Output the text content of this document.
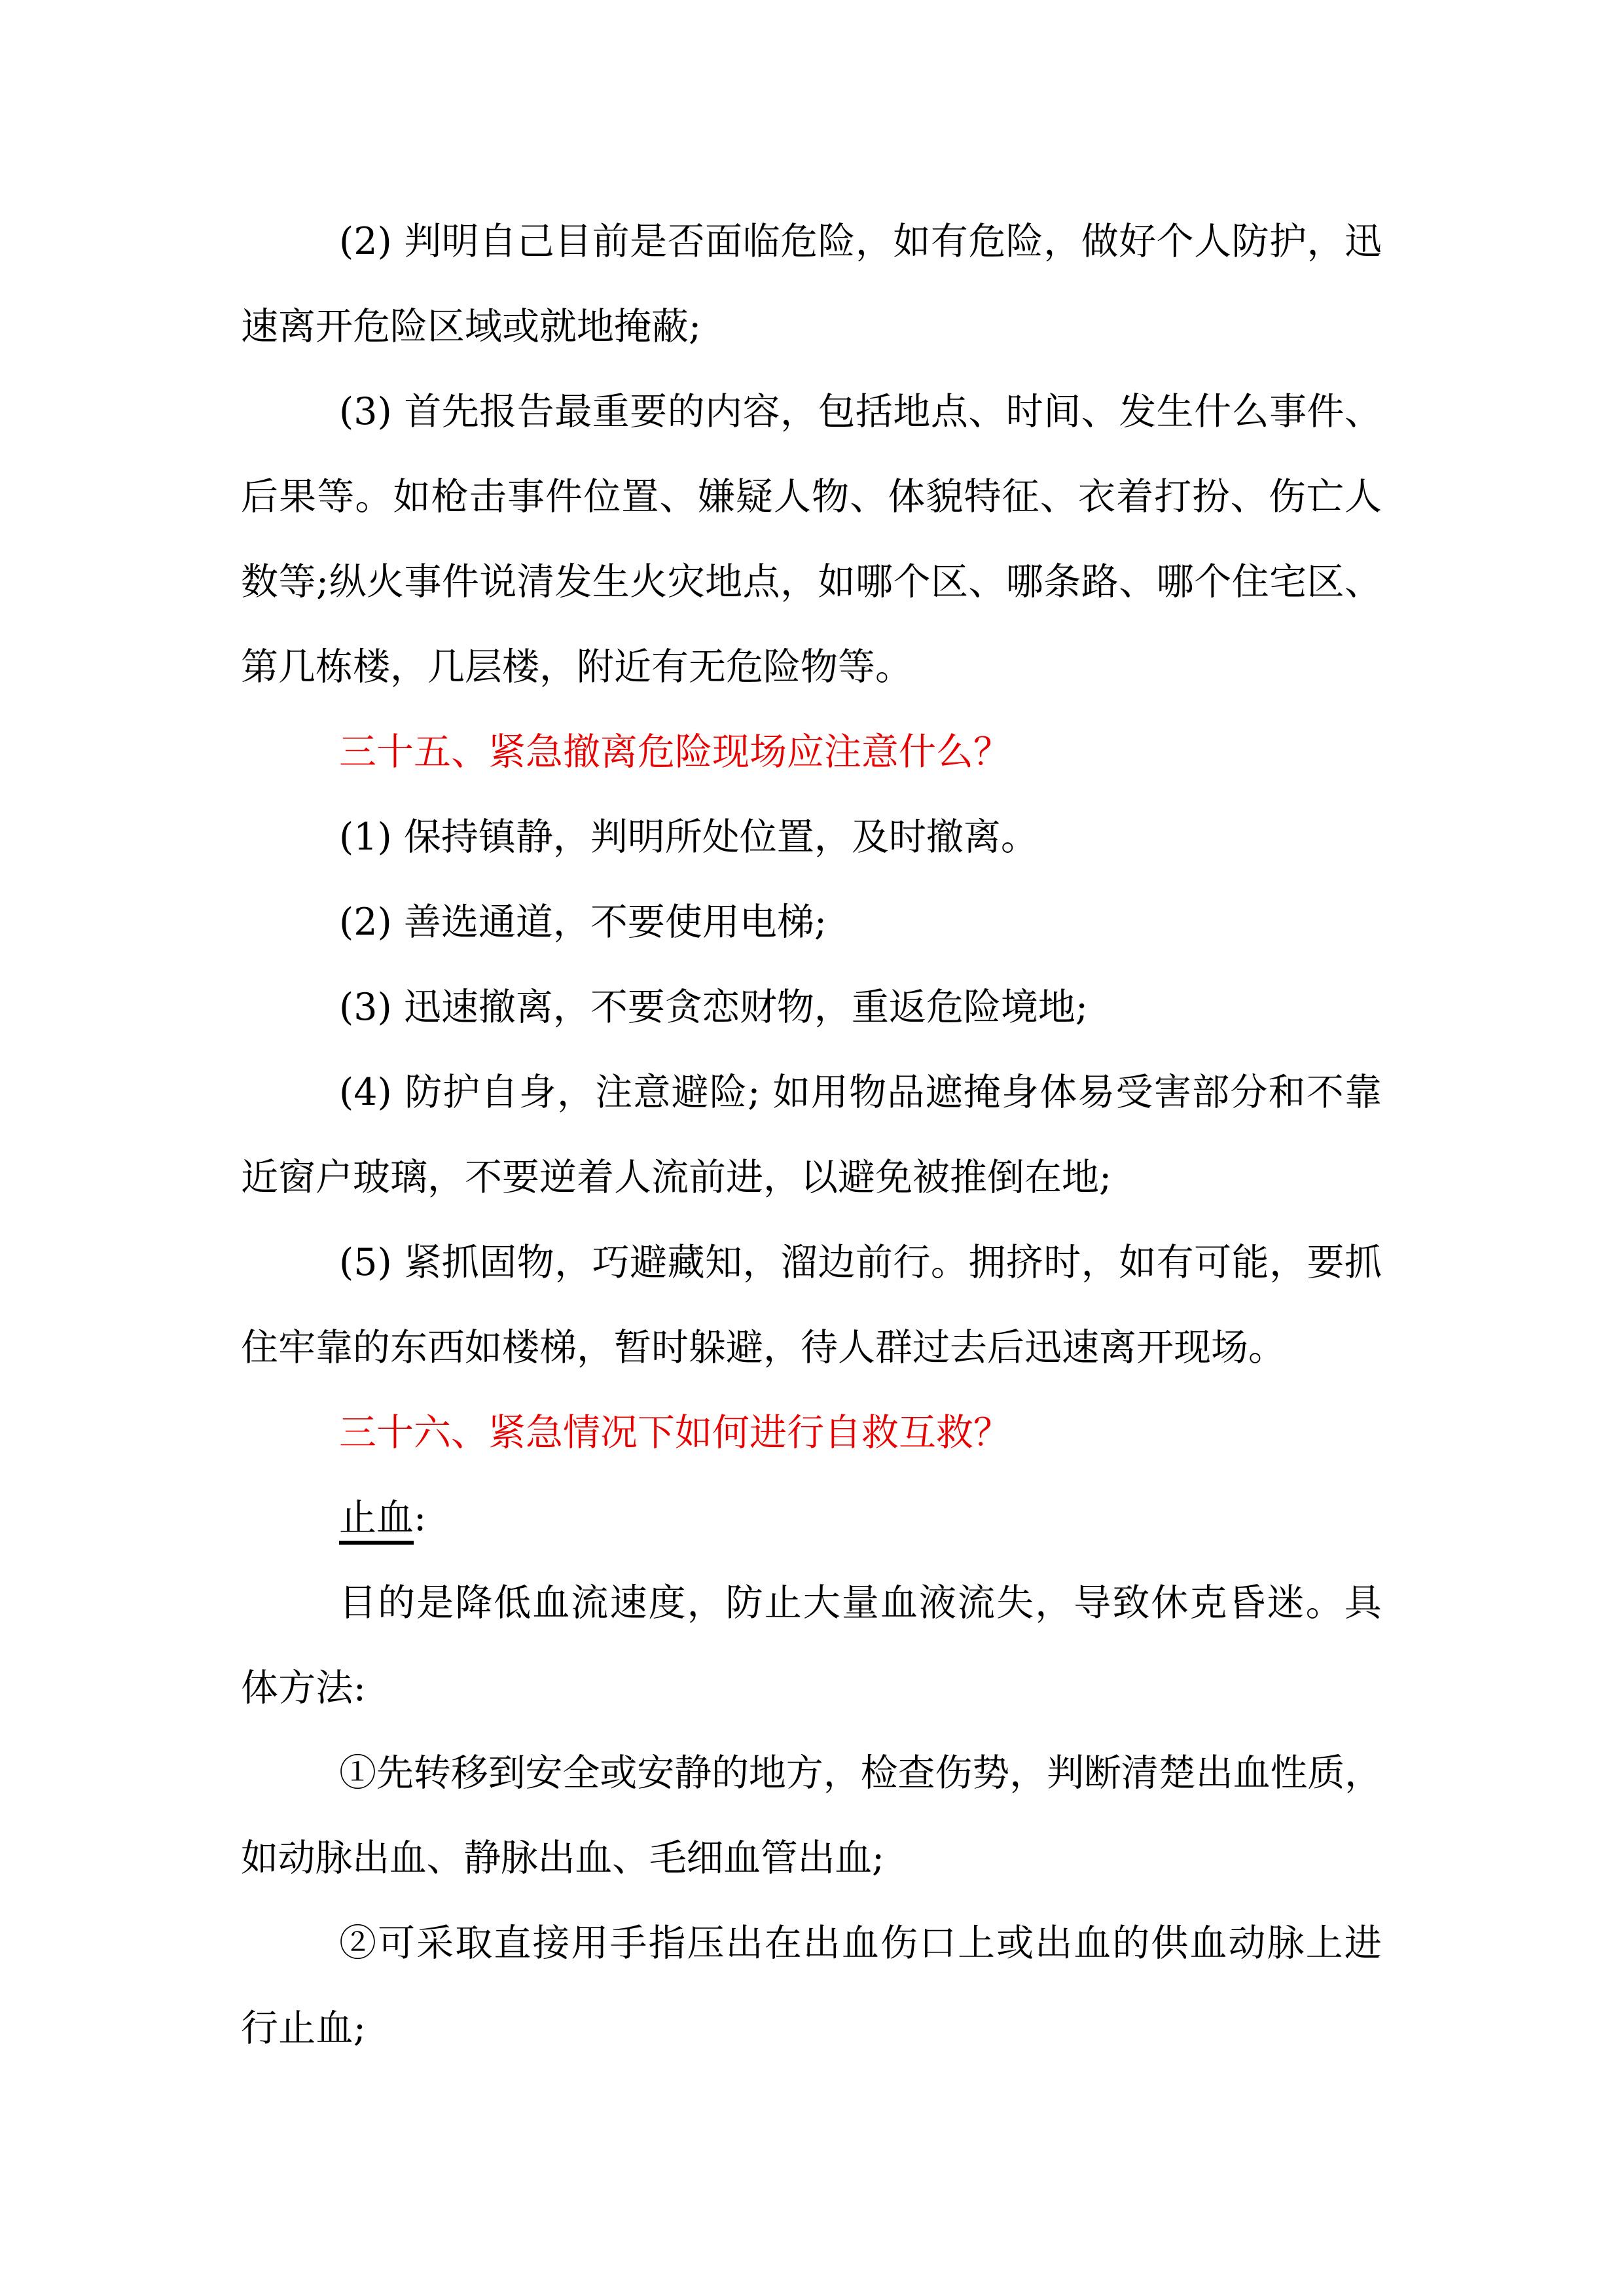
(2) 判明自己目前是否面临危险，如有危险，做好个人防护，迅速离开危险区域或就地掩蔽;

(3) 首先报告最重要的内容，包括地点、时间、发生什么事件、后果等。如枪击事件位置、嫌疑人物、体貌特征、衣着打扮、伤亡人数等;纵火事件说清发生火灾地点，如哪个区、哪条路、哪个住宅区、第几栋楼，几层楼，附近有无危险物等。

三十五、紧急撤离危险现场应注意什么？

(1) 保持镇静，判明所处位置，及时撤离。

(2) 善选通道，不要使用电梯;

(3) 迅速撤离，不要贪恋财物，重返危险境地;

(4) 防护自身，注意避险; 如用物品遮掩身体易受害部分和不靠近窗户玻璃，不要逆着人流前进，以避免被推倒在地;

(5) 紧抓固物，巧避藏知，溜边前行。拥挤时，如有可能，要抓住牢靠的东西如楼梯，暂时躲避，待人群过去后迅速离开现场。

三十六、紧急情况下如何进行自救互救？

止血:

目的是降低血流速度，防止大量血液流失，导致休克昏迷。具体方法:

①先转移到安全或安静的地方，检查伤势，判断清楚出血性质，如动脉出血、静脉出血、毛细血管出血;

②可采取直接用手指压出在出血伤口上或出血的供血动脉上进行止血;
